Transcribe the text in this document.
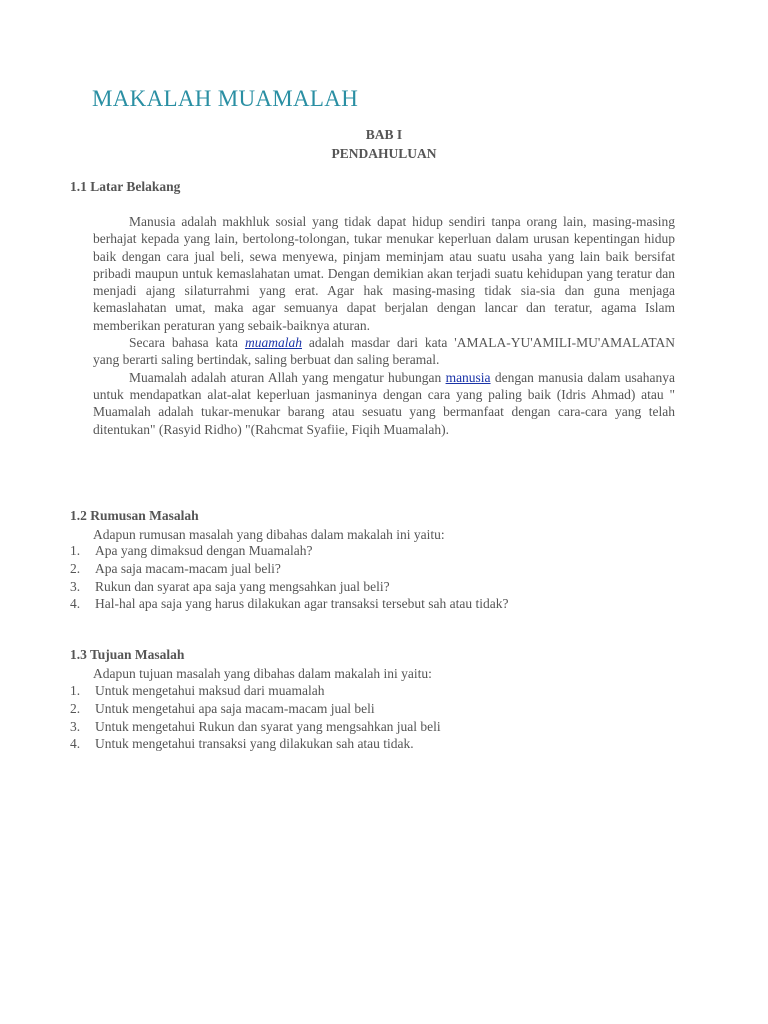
MAKALAH MUAMALAH
BAB I
PENDAHULUAN
1.1 Latar Belakang

Manusia adalah makhluk sosial yang tidak dapat hidup sendiri tanpa orang lain, masing-masing berhajat kepada yang lain, bertolong-tolongan, tukar menukar keperluan dalam urusan kepentingan hidup baik dengan cara jual beli, sewa menyewa, pinjam meminjam atau suatu usaha yang lain baik bersifat pribadi maupun untuk kemaslahatan umat. Dengan demikian akan terjadi suatu kehidupan yang teratur dan menjadi ajang silaturrahmi yang erat. Agar hak masing-masing tidak sia-sia dan guna menjaga kemaslahatan umat, maka agar semuanya dapat berjalan dengan lancar dan teratur, agama Islam memberikan peraturan yang sebaik-baiknya aturan.

Secara bahasa kata muamalah adalah masdar dari kata 'AMALA-YU'AMILI-MU'AMALATAN yang berarti saling bertindak, saling berbuat dan saling beramal.

Muamalah adalah aturan Allah yang mengatur hubungan manusia dengan manusia dalam usahanya untuk mendapatkan alat-alat keperluan jasmaninya dengan cara yang paling baik (Idris Ahmad) atau " Muamalah adalah tukar-menukar barang atau sesuatu yang bermanfaat dengan cara-cara yang telah ditentukan" (Rasyid Ridho) "(Rahcmat Syafiie, Fiqih Muamalah).

1.2 Rumusan Masalah
Adapun rumusan masalah yang dibahas dalam makalah ini yaitu:
1. Apa yang dimaksud dengan Muamalah?
2. Apa saja macam-macam jual beli?
3. Rukun dan syarat apa saja yang mengsahkan jual beli?
4. Hal-hal apa saja yang harus dilakukan agar transaksi tersebut sah atau tidak?
1.3 Tujuan Masalah
Adapun tujuan masalah yang dibahas dalam makalah ini yaitu:
1. Untuk mengetahui maksud dari muamalah
2. Untuk mengetahui apa saja macam-macam jual beli
3. Untuk mengetahui Rukun dan syarat yang mengsahkan jual beli
4. Untuk mengetahui transaksi yang dilakukan sah atau tidak.
